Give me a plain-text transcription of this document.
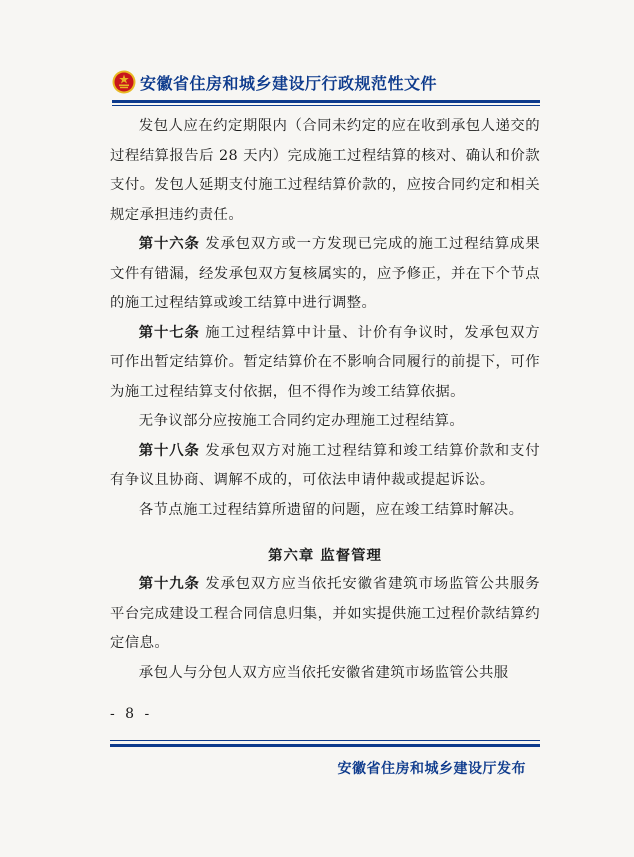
安徽省住房和城乡建设厅行政规范性文件

发包人应在约定期限内（合同未约定的应在收到承包人递交的过程结算报告后 28 天内）完成施工过程结算的核对、确认和价款支付。发包人延期支付施工过程结算价款的，应按合同约定和相关规定承担违约责任。

第十六条 发承包双方或一方发现已完成的施工过程结算成果文件有错漏，经发承包双方复核属实的，应予修正，并在下个节点的施工过程结算或竣工结算中进行调整。

第十七条 施工过程结算中计量、计价有争议时，发承包双方可作出暂定结算价。暂定结算价在不影响合同履行的前提下，可作为施工过程结算支付依据，但不得作为竣工结算依据。

无争议部分应按施工合同约定办理施工过程结算。

第十八条 发承包双方对施工过程结算和竣工结算价款和支付有争议且协商、调解不成的，可依法申请仲裁或提起诉讼。

各节点施工过程结算所遗留的问题，应在竣工结算时解决。

第六章 监督管理

第十九条 发承包双方应当依托安徽省建筑市场监管公共服务平台完成建设工程合同信息归集，并如实提供施工过程价款结算约定信息。

承包人与分包人双方应当依托安徽省建筑市场监管公共服

- 8 -
安徽省住房和城乡建设厅发布
